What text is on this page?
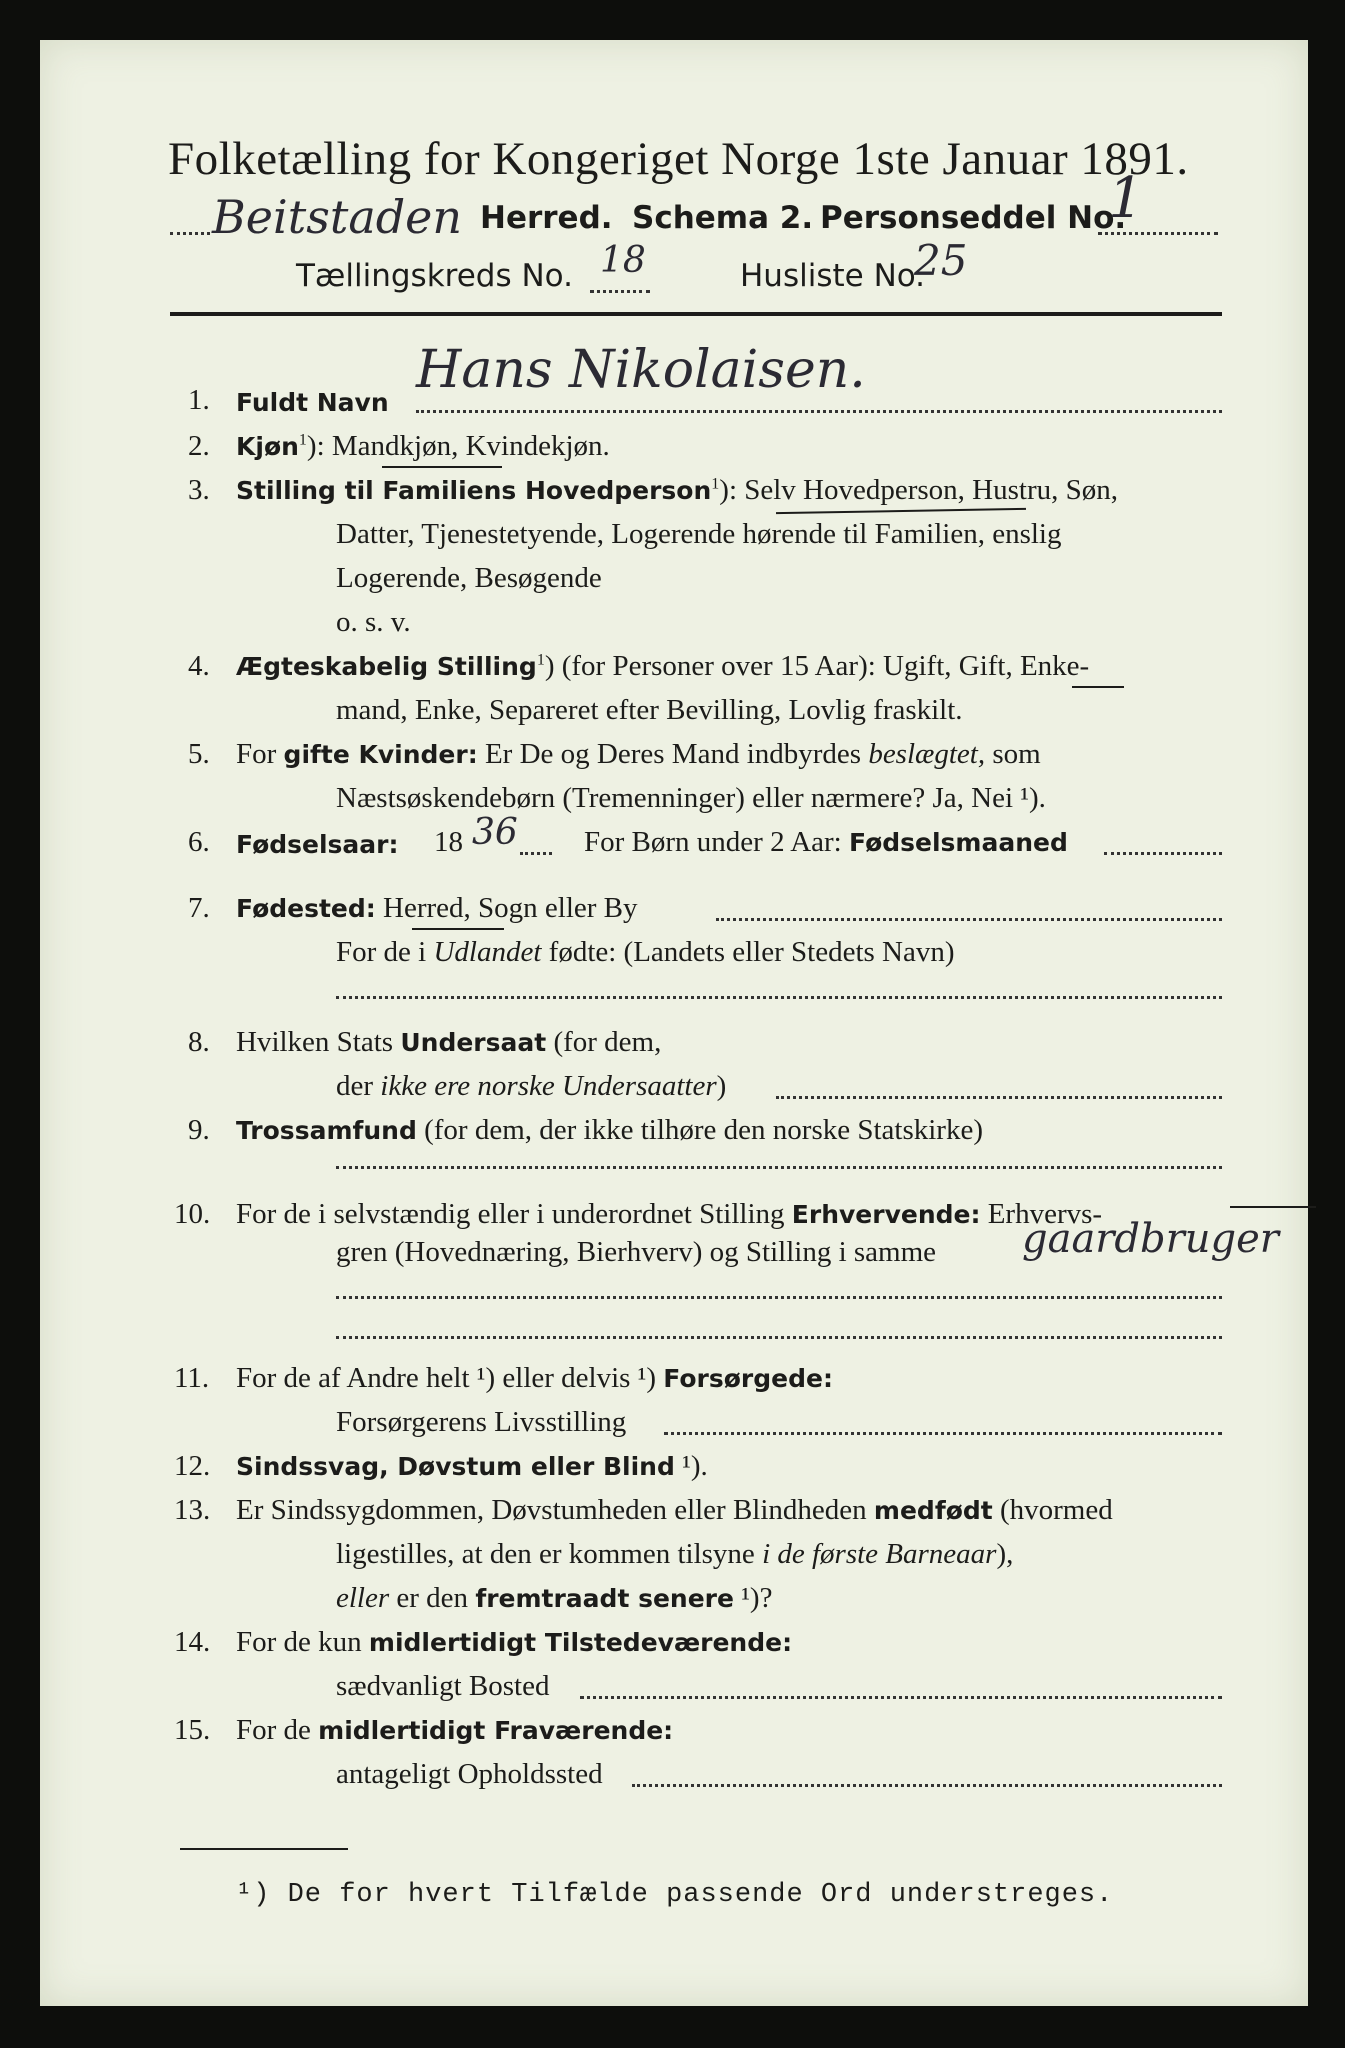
Folketælling for Kongeriget Norge 1ste Januar 1891.
Beitstaden Herred. Schema 2. Personseddel No.
1
Tællingskreds No. 18	Husliste No.
25
1. Fuldt Navn
Hans Nikolaisen.
2. Kjøn$^1$): Mandkjøn, Kvindekjøn.
3. Stilling til Familiens Hovedperson$^1$): Selv Hovedperson, Hustru, Søn,
Datter, Tjenestetyende, Logerende hørende til Familien, enslig
Logerende, Besøgende
o. s. v.
4. Ægteskabelig Stilling$^1$) (for Personer over 15 Aar): Ugift, Gift, Enke-
mand, Enke, Separeret efter Bevilling, Lovlig fraskilt.
5. For gifte Kvinder: Er De og Deres Mand indbyrdes beslægtet, som
Næstsøskendebørn (Tremenninger) eller nærmere? Ja, Nei ¹).
6. Fødselsaar: 18 36 For Børn under 2 Aar: Fødselsmaaned
7. Fødested: Herred, Sogn eller By
For de i Udlandet fødte: (Landets eller Stedets Navn)
8. Hvilken Stats Undersaat (for dem,
der ikke ere norske Undersaatter)
9. Trossamfund (for dem, der ikke tilhøre den norske Statskirke)
10. For de i selvstændig eller i underordnet Stilling Erhvervende: Erhvervs-
gren (Hovednæring, Bierhverv) og Stilling i samme gaardbruger
11. For de af Andre helt ¹) eller delvis ¹) Forsørgede:
Forsørgerens Livsstilling
12. Sindssvag, Døvstum eller Blind ¹).
13. Er Sindssygdommen, Døvstumheden eller Blindheden medfødt (hvormed
ligestilles, at den er kommen tilsyne i de første Barneaar),
eller er den fremtraadt senere ¹)?
14. For de kun midlertidigt Tilstedeværende:
sædvanligt Bosted
15. For de midlertidigt Fraværende:
antageligt Opholdssted
¹) De for hvert Tilfælde passende Ord understreges.
